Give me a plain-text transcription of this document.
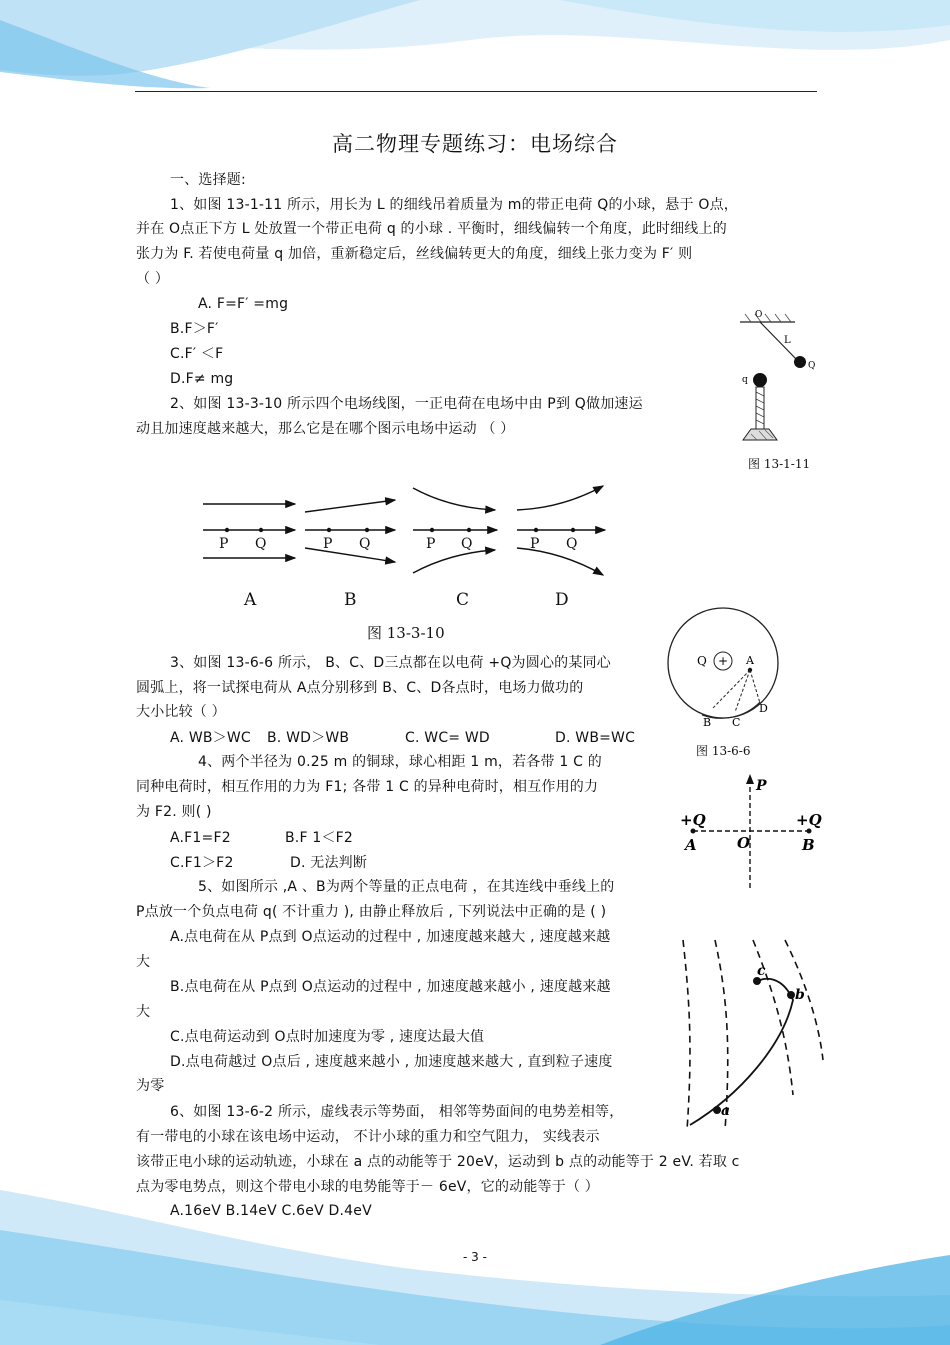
高二物理专题练习：电场综合
一、选择题:
1、如图 13-1-11 所示，用长为 L 的细线吊着质量为 m的带正电荷 Q的小球，悬于 O点，
并在 O点正下方 L 处放置一个带正电荷 q 的小球 . 平衡时，细线偏转一个角度，此时细线上的
张力为 F. 若使电荷量 q 加倍，重新稳定后，丝线偏转更大的角度，细线上张力变为 F′ 则
（ ）
A. F=F′ =mg
B.F＞F′
C.F′ ＜F
D.F≠ mg
O
L
Q
q
图 13-1-11
2、如图 13-3-10 所示四个电场线图，一正电荷在电场中由 P到 Q做加速运
动且加速度越来越大，那么它是在哪个图示电场中运动 （ ）
P Q	P Q	P Q	P Q
A	B	C	D
图 13-3-10
3、如图 13-6-6 所示， B、C、D三点都在以电荷 +Q为圆心的某同心
圆弧上，将一试探电荷从 A点分别移到 B、C、D各点时，电场力做功的
大小比较（ ）
A. WB＞WC B. WD＞WB	C. WC= WD	D. WB=WC
+
Q	A
B C
D
图 13-6-6
4、两个半径为 0.25 m 的铜球，球心相距 1 m，若各带 1 C 的
同种电荷时，相互作用的力为 F1; 各带 1 C 的异种电荷时，相互作用的力
为 F2. 则( )
A.F1=F2	B.F 1＜F2
C.F1＞F2	D. 无法判断
P
+Q	+Q
A	O	B
5、如图所示 ,A 、B为两个等量的正点电荷 ，在其连线中垂线上的
P点放一个负点电荷 q( 不计重力 ), 由静止释放后 , 下列说法中正确的是 ( )
A.点电荷在从 P点到 O点运动的过程中 , 加速度越来越大 , 速度越来越
大
B.点电荷在从 P点到 O点运动的过程中 , 加速度越来越小 , 速度越来越
大
C.点电荷运动到 O点时加速度为零 , 速度达最大值
D.点电荷越过 O点后 , 速度越来越小 , 加速度越来越大 , 直到粒子速度
为零
a
b
c
6、如图 13-6-2 所示，虚线表示等势面， 相邻等势面间的电势差相等，
有一带电的小球在该电场中运动， 不计小球的重力和空气阻力， 实线表示
该带正电小球的运动轨迹，小球在 a 点的动能等于 20eV，运动到 b 点的动能等于 2 eV. 若取 c
点为零电势点，则这个带电小球的电势能等于－ 6eV，它的动能等于（ ）
A.16eV B.14eV C.6eV D.4eV
- 3 -
